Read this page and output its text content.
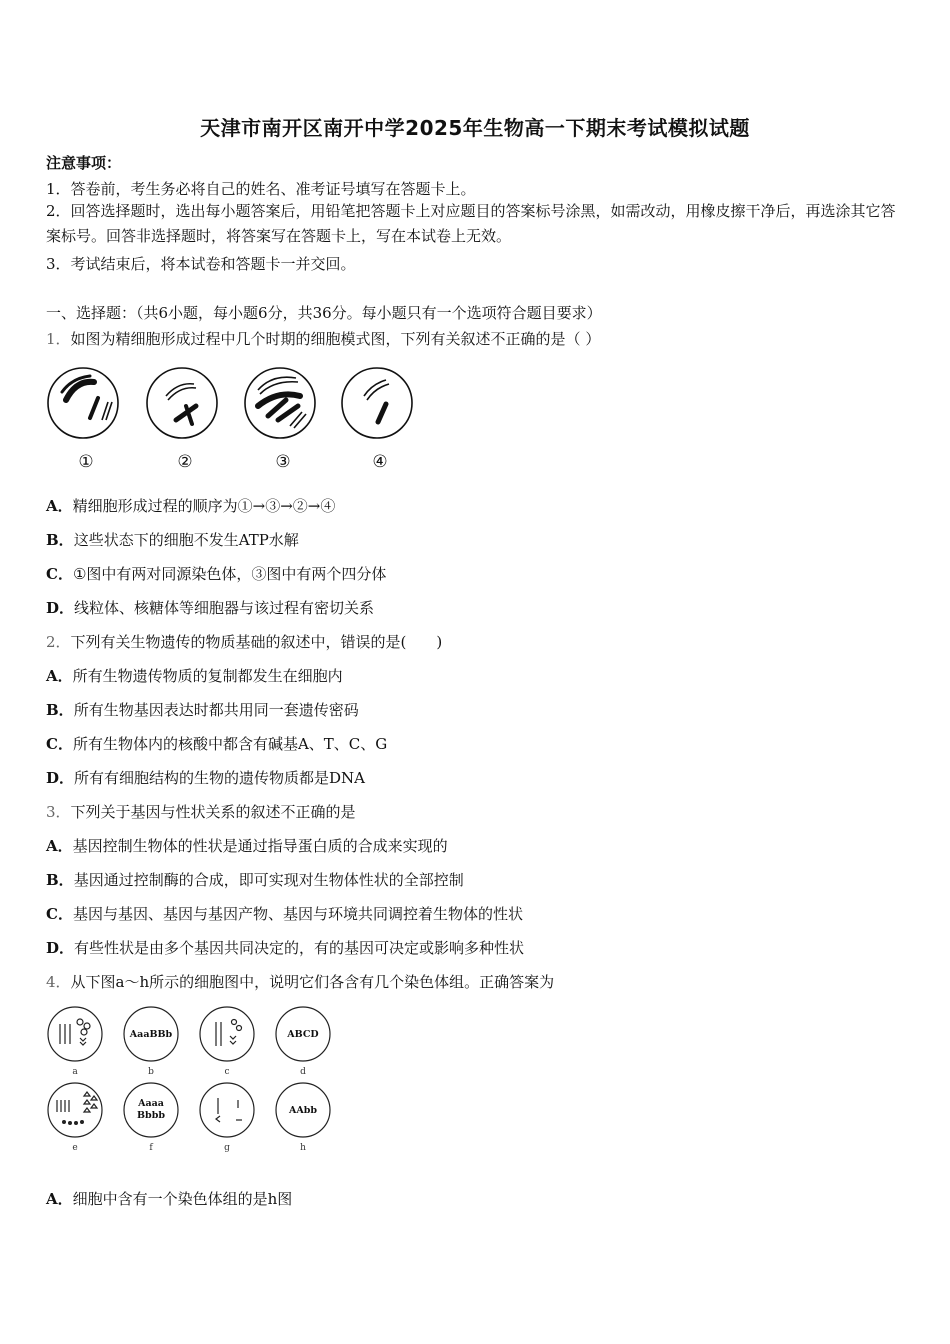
天津市南开区南开中学2025年生物高一下期末考试模拟试题
注意事项：
1．答卷前，考生务必将自己的姓名、准考证号填写在答题卡上。
2．回答选择题时，选出每小题答案后，用铅笔把答题卡上对应题目的答案标号涂黑，如需改动，用橡皮擦干净后，再选涂其它答案标号。回答非选择题时，将答案写在答题卡上，写在本试卷上无效。
3．考试结束后，将本试卷和答题卡一并交回。
一、选择题：（共6小题，每小题6分，共36分。每小题只有一个选项符合题目要求）
1．如图为精细胞形成过程中几个时期的细胞模式图，下列有关叙述不正确的是（ ）
①	②	③	④
A．精细胞形成过程的顺序为①→③→②→④
B．这些状态下的细胞不发生ATP水解
C．①图中有两对同源染色体，③图中有两个四分体
D．线粒体、核糖体等细胞器与该过程有密切关系
2．下列有关生物遗传的物质基础的叙述中，错误的是(　　)
A．所有生物遗传物质的复制都发生在细胞内
B．所有生物基因表达时都共用同一套遗传密码
C．所有生物体内的核酸中都含有碱基A、T、C、G
D．所有有细胞结构的生物的遗传物质都是DNA
3．下列关于基因与性状关系的叙述不正确的是
A．基因控制生物体的性状是通过指导蛋白质的合成来实现的
B．基因通过控制酶的合成，即可实现对生物体性状的全部控制
C．基因与基因、基因与基因产物、基因与环境共同调控着生物体的性状
D．有些性状是由多个基因共同决定的，有的基因可决定或影响多种性状
4．从下图a～h所示的细胞图中，说明它们各含有几个染色体组。正确答案为
AaaBBb	ABCD
Aaaa
Bbbb	AAbb
a	b	c	d
e	f	g	h
A．细胞中含有一个染色体组的是h图
